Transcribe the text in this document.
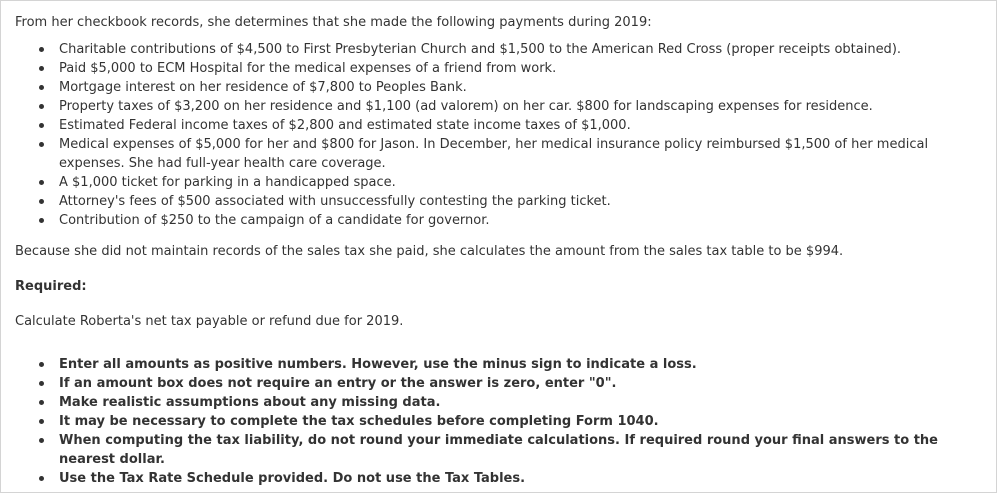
From her checkbook records, she determines that she made the following payments during 2019:

Charitable contributions of $4,500 to First Presbyterian Church and $1,500 to the American Red Cross (proper receipts obtained).
Paid $5,000 to ECM Hospital for the medical expenses of a friend from work.
Mortgage interest on her residence of $7,800 to Peoples Bank.
Property taxes of $3,200 on her residence and $1,100 (ad valorem) on her car. $800 for landscaping expenses for residence.
Estimated Federal income taxes of $2,800 and estimated state income taxes of $1,000.
Medical expenses of $5,000 for her and $800 for Jason. In December, her medical insurance policy reimbursed $1,500 of her medical expenses. She had full-year health care coverage.
A $1,000 ticket for parking in a handicapped space.
Attorney's fees of $500 associated with unsuccessfully contesting the parking ticket.
Contribution of $250 to the campaign of a candidate for governor.

Because she did not maintain records of the sales tax she paid, she calculates the amount from the sales tax table to be $994.

Required:

Calculate Roberta's net tax payable or refund due for 2019.

Enter all amounts as positive numbers. However, use the minus sign to indicate a loss.
If an amount box does not require an entry or the answer is zero, enter "0".
Make realistic assumptions about any missing data.
It may be necessary to complete the tax schedules before completing Form 1040.
When computing the tax liability, do not round your immediate calculations. If required round your final answers to the nearest dollar.
Use the Tax Rate Schedule provided. Do not use the Tax Tables.
